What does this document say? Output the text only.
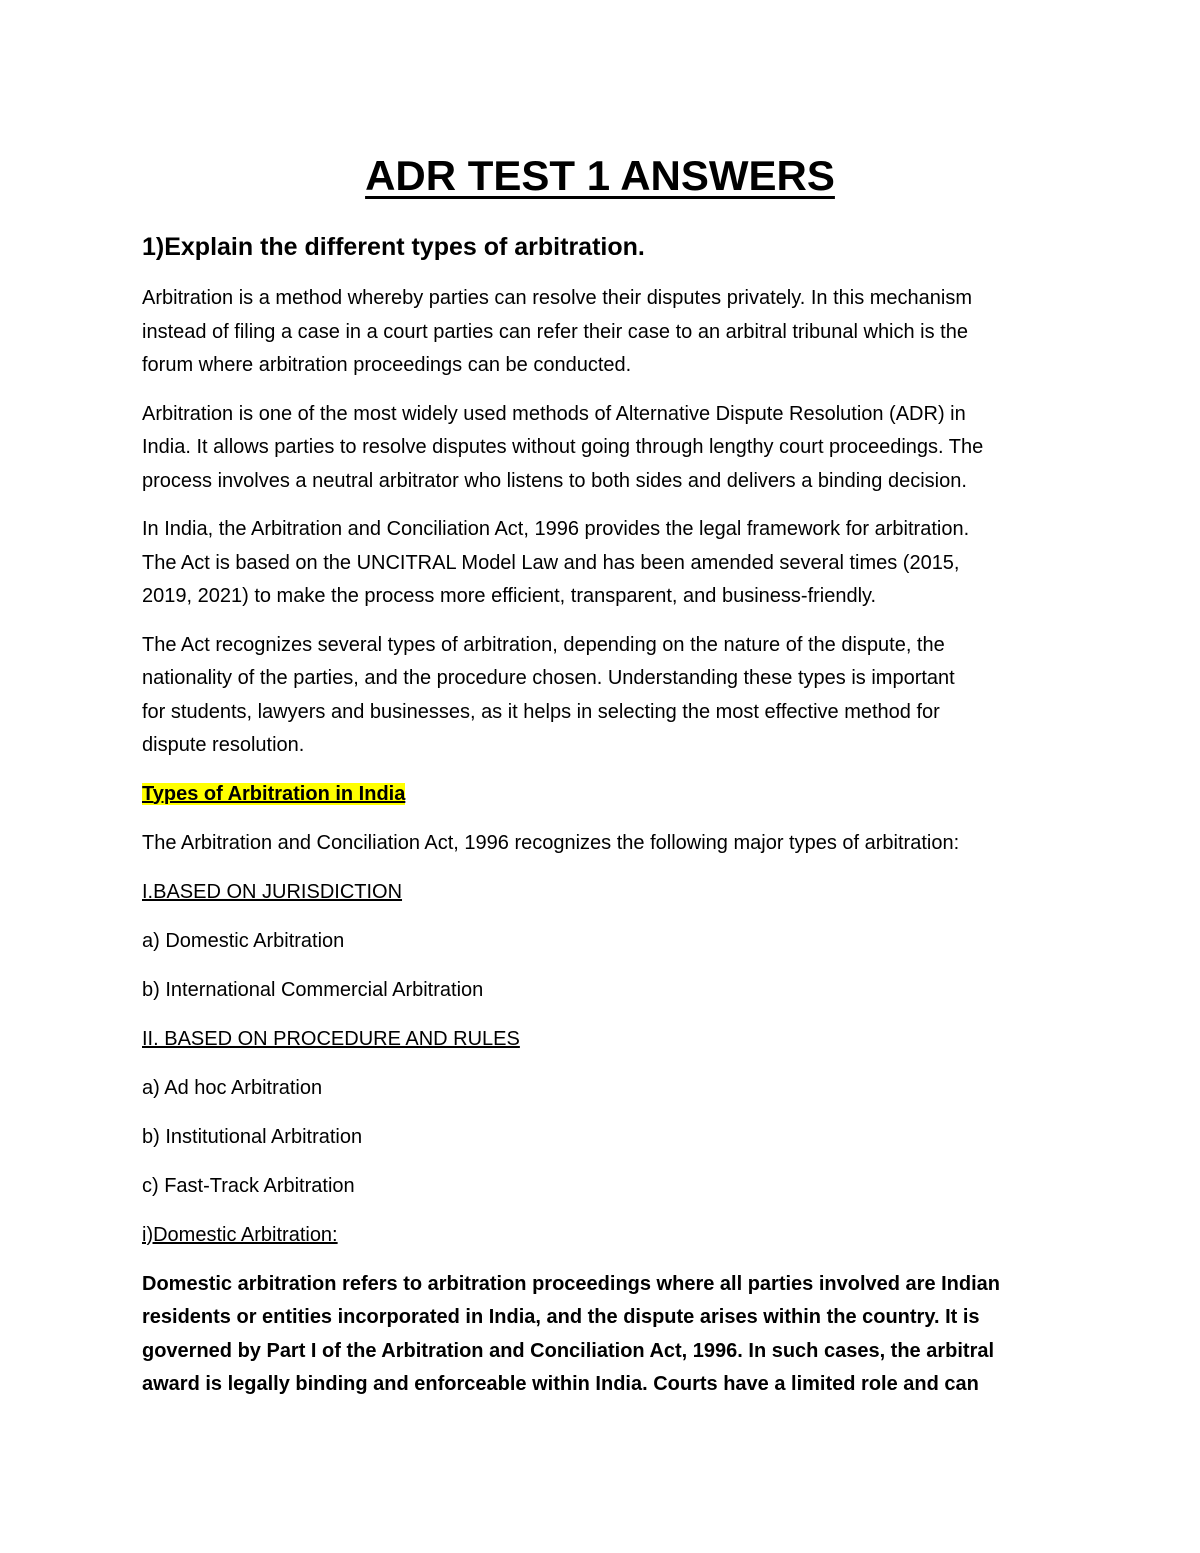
ADR TEST 1 ANSWERS

1)Explain the different types of arbitration.

Arbitration is a method whereby parties can resolve their disputes privately. In this mechanism
instead of filing a case in a court parties can refer their case to an arbitral tribunal which is the
forum where arbitration proceedings can be conducted.

Arbitration is one of the most widely used methods of Alternative Dispute Resolution (ADR) in
India. It allows parties to resolve disputes without going through lengthy court proceedings. The
process involves a neutral arbitrator who listens to both sides and delivers a binding decision.

In India, the Arbitration and Conciliation Act, 1996 provides the legal framework for arbitration.
The Act is based on the UNCITRAL Model Law and has been amended several times (2015,
2019, 2021) to make the process more efficient, transparent, and business-friendly.

The Act recognizes several types of arbitration, depending on the nature of the dispute, the
nationality of the parties, and the procedure chosen. Understanding these types is important
for students, lawyers and businesses, as it helps in selecting the most effective method for
dispute resolution.

Types of Arbitration in India

The Arbitration and Conciliation Act, 1996 recognizes the following major types of arbitration:

I.BASED ON JURISDICTION

a) Domestic Arbitration

b) International Commercial Arbitration

II. BASED ON PROCEDURE AND RULES

a) Ad hoc Arbitration

b) Institutional Arbitration

c) Fast-Track Arbitration

i)Domestic Arbitration:

Domestic arbitration refers to arbitration proceedings where all parties involved are Indian
residents or entities incorporated in India, and the dispute arises within the country. It is
governed by Part I of the Arbitration and Conciliation Act, 1996. In such cases, the arbitral
award is legally binding and enforceable within India. Courts have a limited role and can
